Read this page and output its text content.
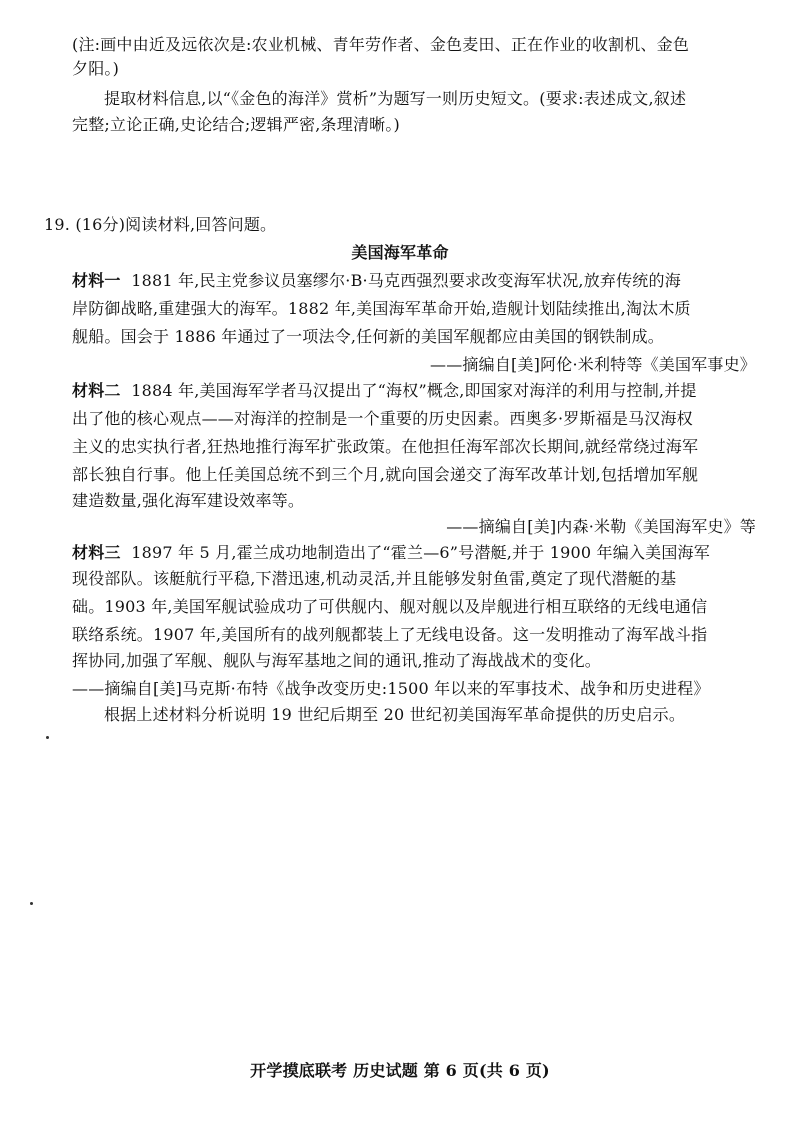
(注:画中由近及远依次是:农业机械、青年劳作者、金色麦田、正在作业的收割机、金色
夕阳。)
提取材料信息,以“《金色的海洋》赏析”为题写一则历史短文。(要求:表述成文,叙述
完整;立论正确,史论结合;逻辑严密,条理清晰。)
19. (16分)阅读材料,回答问题。
美国海军革命
材料一 1881 年,民主党参议员塞缪尔·B·马克西强烈要求改变海军状况,放弃传统的海
岸防御战略,重建强大的海军。1882 年,美国海军革命开始,造舰计划陆续推出,淘汰木质
舰船。国会于 1886 年通过了一项法令,任何新的美国军舰都应由美国的钢铁制成。
——摘编自[美]阿伦·米利特等《美国军事史》
材料二 1884 年,美国海军学者马汉提出了“海权”概念,即国家对海洋的利用与控制,并提
出了他的核心观点——对海洋的控制是一个重要的历史因素。西奥多·罗斯福是马汉海权
主义的忠实执行者,狂热地推行海军扩张政策。在他担任海军部次长期间,就经常绕过海军
部长独自行事。他上任美国总统不到三个月,就向国会递交了海军改革计划,包括增加军舰
建造数量,强化海军建设效率等。
——摘编自[美]内森·米勒《美国海军史》等
材料三 1897 年 5 月,霍兰成功地制造出了“霍兰—6”号潜艇,并于 1900 年编入美国海军
现役部队。该艇航行平稳,下潜迅速,机动灵活,并且能够发射鱼雷,奠定了现代潜艇的基
础。1903 年,美国军舰试验成功了可供舰内、舰对舰以及岸舰进行相互联络的无线电通信
联络系统。1907 年,美国所有的战列舰都装上了无线电设备。这一发明推动了海军战斗指
挥协同,加强了军舰、舰队与海军基地之间的通讯,推动了海战战术的变化。
——摘编自[美]马克斯·布特《战争改变历史:1500 年以来的军事技术、战争和历史进程》
根据上述材料分析说明 19 世纪后期至 20 世纪初美国海军革命提供的历史启示。
开学摸底联考 历史试题 第 6 页(共 6 页)
